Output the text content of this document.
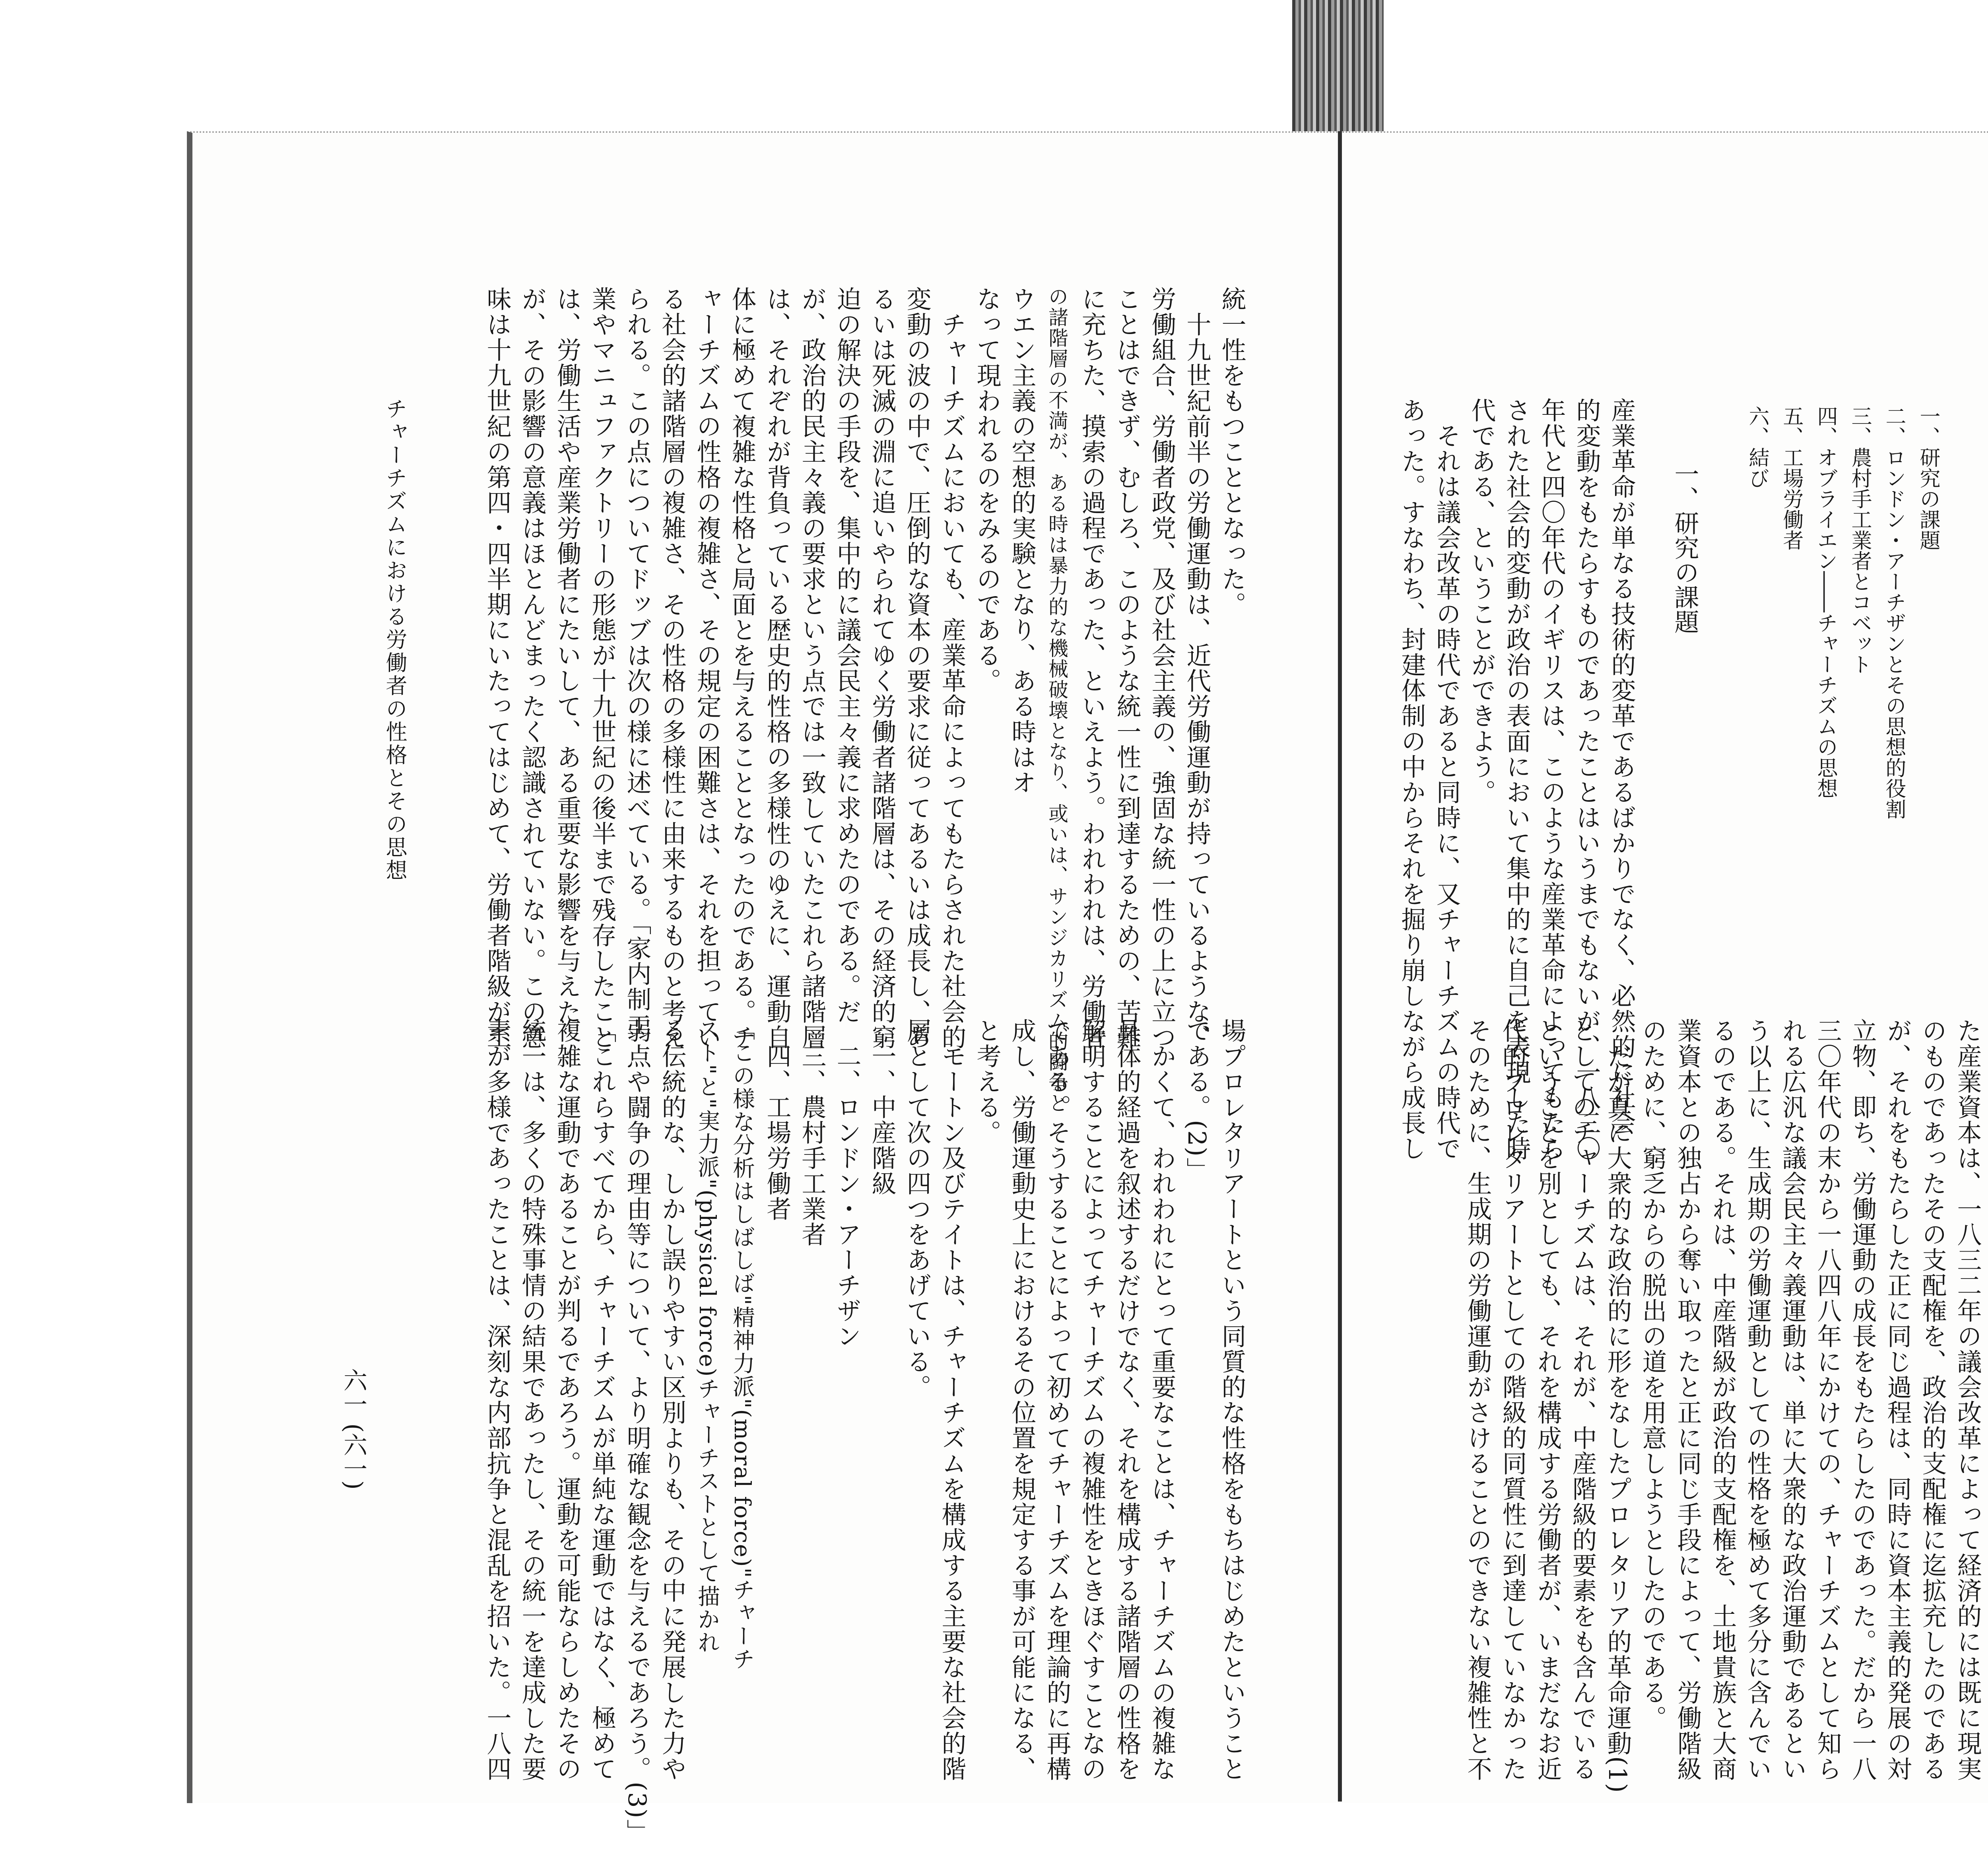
一、研究の課題

二、ロンドン・アーチザンとその思想的役割

三、農村手工業者とコベット

四、オブライエン――チャーチズムの思想

五、工場労働者

六、結び

一、研究の課題

産業革命が単なる技術的変革であるばかりでなく、必然的に社会

的変動をもたらすものであったことはいうまでもないが、一八三〇

年代と四〇年代のイギリスは、このような産業革命によってもたら

された社会的変動が政治の表面において集中的に自己を表現した時

代である、ということができよう。

　それは議会改革の時代であると同時に、又チャーチズムの時代で

あった。すなわち、封建体制の中からそれを掘り崩しながら成長し

た産業資本は、一八三二年の議会改革によって経済的には既に現実

のものであったその支配権を、政治的支配権に迄拡充したのである

が、それをもたらした正に同じ過程は、同時に資本主義的発展の対

立物、即ち、労働運動の成長をもたらしたのであった。だから一八

三〇年代の末から一八四八年にかけての、チャーチズムとして知ら

れる広汎な議会民主々義運動は、単に大衆的な政治運動であるとい

う以上に、生成期の労働運動としての性格を極めて多分に含んでい

るのである。それは、中産階級が政治的支配権を、土地貴族と大商

業資本との独占から奪い取ったと正に同じ手段によって、労働階級

のために、窮乏からの脱出の道を用意しようとしたのである。

　だが真に大衆的な政治的に形をなしたプロレタリア的革命運動(1)

としてのチャーチズムは、それが、中産階級的要素をも含んでいる

ということを別としても、それを構成する労働者が、いまだなお近

代的プロレタリアートとしての階級的同質性に到達していなかった

そのために、生成期の労働運動がさけることのできない複雑性と不

統一性をもつこととなった。

　十九世紀前半の労働運動は、近代労働運動が持っているような、

労働組合、労働者政党、及び社会主義の、強固な統一性の上に立つ

ことはできず、むしろ、このような統一性に到達するための、苦難

に充ちた、摸索の過程であった、といえよう。われわれは、労働者

の諸階層の不満が、ある時は暴力的な機械破壊となり、或いは、サンジカリズム的闘争と

ウエン主義の空想的実験となり、ある時はオ

なって現われるのをみるのである。

　チャーチズムにおいても、産業革命によってもたらされた社会的

変動の波の中で、圧倒的な資本の要求に従ってあるいは成長し、あ

るいは死滅の淵に追いやられてゆく労働者諸階層は、その経済的窮

迫の解決の手段を、集中的に議会民主々義に求めたのである。だ

が、政治的民主々義の要求という点では一致していたこれら諸階層

は、それぞれが背負っている歴史的性格の多様性のゆえに、運動自

体に極めて複雑な性格と局面とを与えることとなったのである。チ

ャーチズムの性格の複雑さ、その規定の困難さは、それを担ってい

る社会的諸階層の複雑さ、その性格の多様性に由来するものと考え

られる。この点についてドッブは次の様に述べている。「家内制工

業やマニュファクトリーの形態が十九世紀の後半まで残存したこと

は、労働生活や産業労働者にたいして、ある重要な影響を与えた

が、その影響の意義はほとんどまったく認識されていない。この意

味は十九世紀の第四・四半期にいたってはじめて、労働者階級が工

チャーチズムにおける労働者の性格とその思想

場プロレタリアートという同質的な性格をもちはじめたということ

である。(2)」

　かくて、われわれにとって重要なことは、チャーチズムの複雑な

具体的経過を叙述するだけでなく、それを構成する諸階層の性格を

解明することによってチャーチズムの複雑性をときほぐすことなの

である。そうすることによって初めてチャーチズムを理論的に再構

成し、労働運動史上におけるその位置を規定する事が可能になる、

と考える。

　モートン及びテイトは、チャーチズムを構成する主要な社会的階

層として次の四つをあげている。

　一、中産階級

　二、ロンドン・アーチザン

　三、農村手工業者

　四、工場労働者

「この様な分析はしばしば"精神力派"(moral force)"チャーチ

スト"と"実力派"(physical force)チャーチストとして描かれ

る伝統的な、しかし誤りやすい区別よりも、その中に発展した力や

弱点や闘争の理由等について、より明確な観念を与えるであろう。(3)」

「これらすべてから、チャーチズムが単純な運動ではなく、極めて

複雑な運動であることが判るであろう。運動を可能ならしめたその

統一は、多くの特殊事情の結果であったし、その統一を達成した要

素が多様であったことは、深刻な内部抗争と混乱を招いた。一八四

六一 (六一)
